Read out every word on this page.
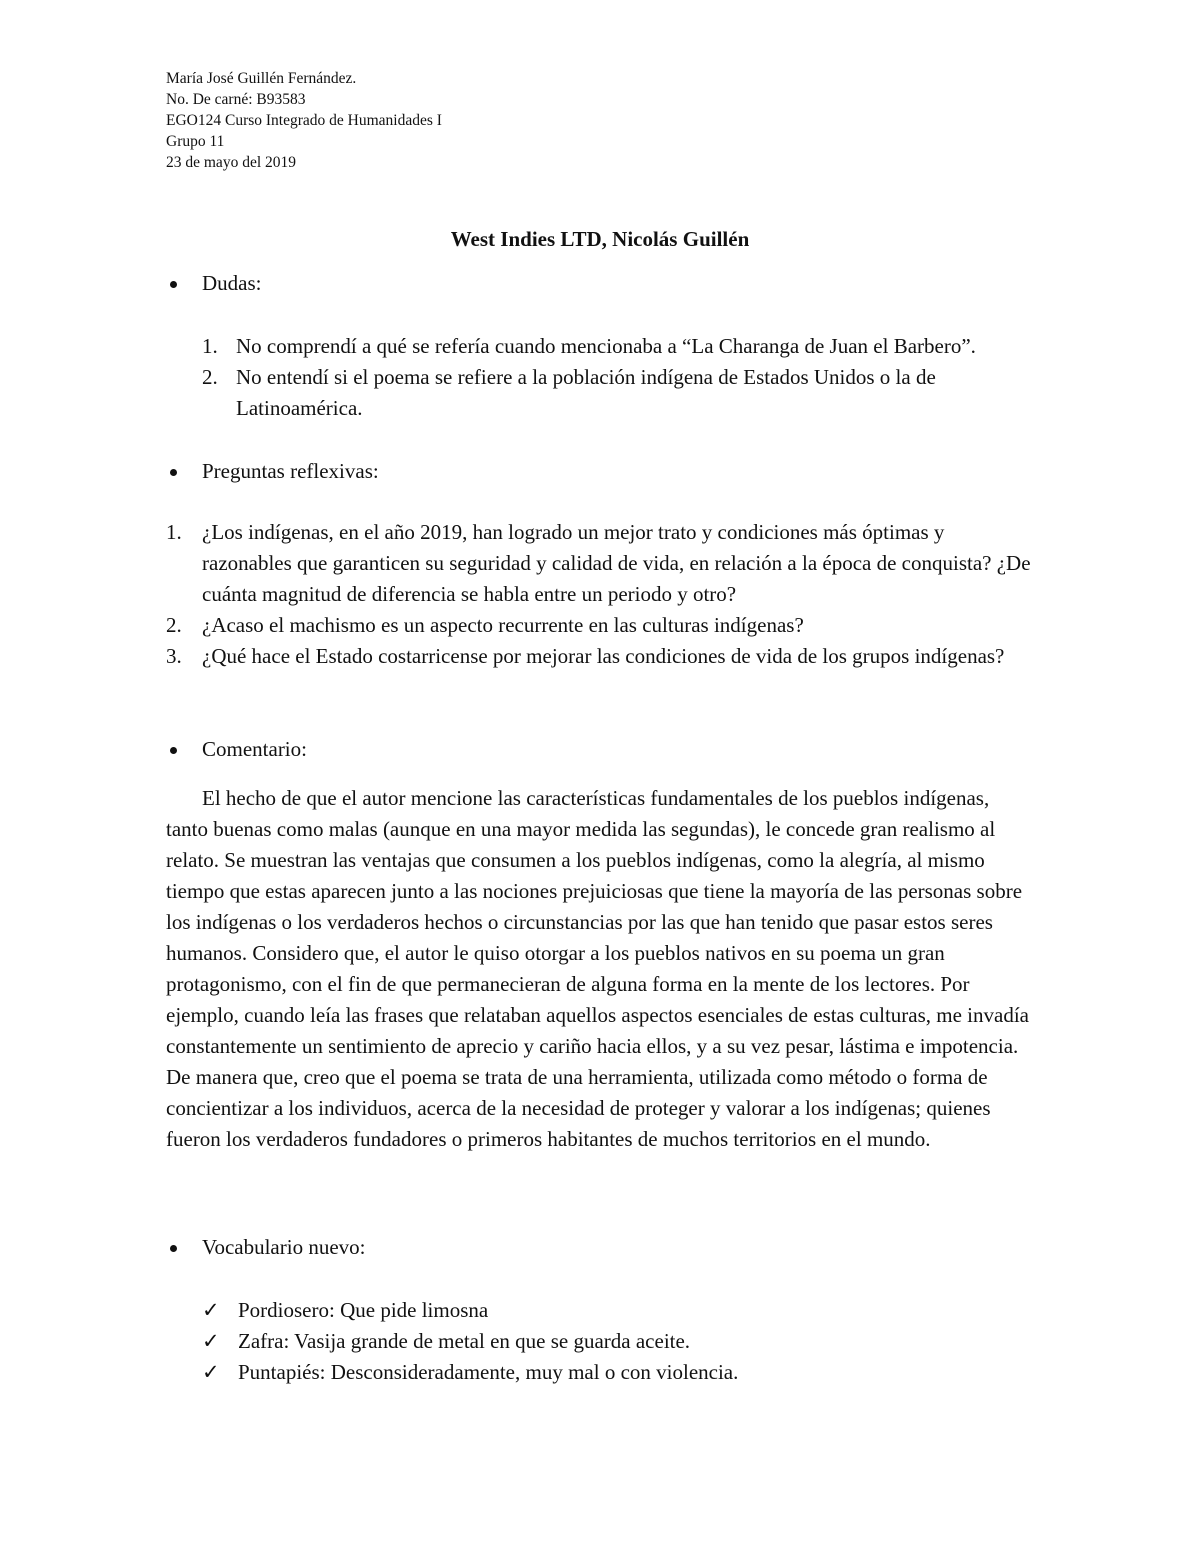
María José Guillén Fernández.
No. De carné: B93583
EGO124 Curso Integrado de Humanidades I
Grupo 11
23 de mayo del 2019
West Indies LTD, Nicolás Guillén
Dudas:
1. No comprendí a qué se refería cuando mencionaba a “La Charanga de Juan el Barbero”.
2. No entendí si el poema se refiere a la población indígena de Estados Unidos o la de Latinoamérica.
Preguntas reflexivas:
1. ¿Los indígenas, en el año 2019, han logrado un mejor trato y condiciones más óptimas y razonables que garanticen su seguridad y calidad de vida, en relación a la época de conquista? ¿De cuánta magnitud de diferencia se habla entre un periodo y otro?
2. ¿Acaso el machismo es un aspecto recurrente en las culturas indígenas?
3. ¿Qué hace el Estado costarricense por mejorar las condiciones de vida de los grupos indígenas?
Comentario:
El hecho de que el autor mencione las características fundamentales de los pueblos indígenas, tanto buenas como malas (aunque en una mayor medida las segundas), le concede gran realismo al relato. Se muestran las ventajas que consumen a los pueblos indígenas, como la alegría, al mismo tiempo que estas aparecen junto a las nociones prejuiciosas que tiene la mayoría de las personas sobre los indígenas o los verdaderos hechos o circunstancias por las que han tenido que pasar estos seres humanos. Considero que, el autor le quiso otorgar a los pueblos nativos en su poema un gran protagonismo, con el fin de que permanecieran de alguna forma en la mente de los lectores. Por ejemplo, cuando leía las frases que relataban aquellos aspectos esenciales de estas culturas, me invadía constantemente un sentimiento de aprecio y cariño hacia ellos, y a su vez pesar, lástima e impotencia. De manera que, creo que el poema se trata de una herramienta, utilizada como método o forma de concientizar a los individuos, acerca de la necesidad de proteger y valorar a los indígenas; quienes fueron los verdaderos fundadores o primeros habitantes de muchos territorios en el mundo.
Vocabulario nuevo:
✓ Pordiosero: Que pide limosna
✓ Zafra: Vasija grande de metal en que se guarda aceite.
✓ Puntapiés: Desconsideradamente, muy mal o con violencia.
